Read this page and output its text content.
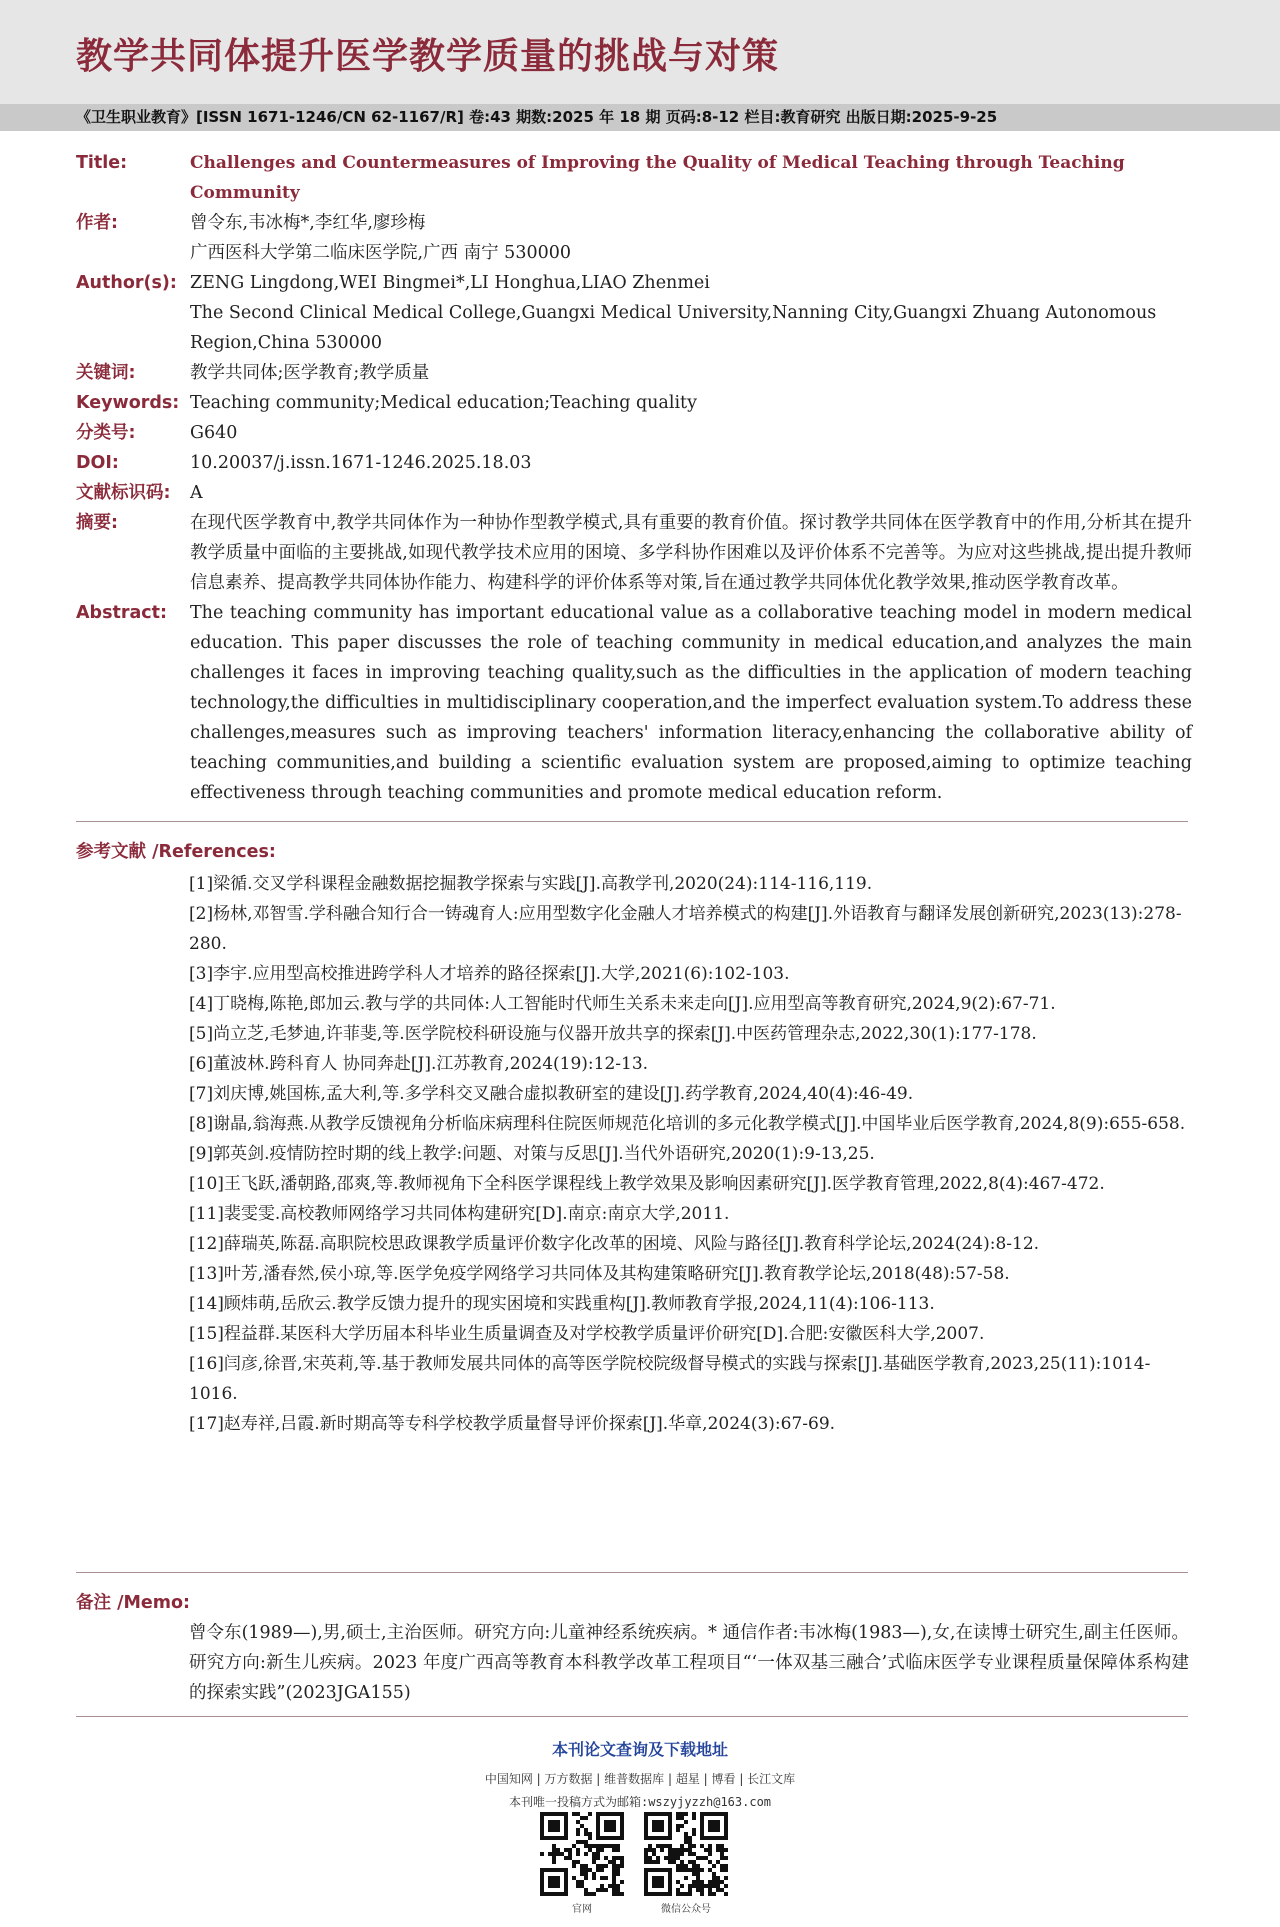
教学共同体提升医学教学质量的挑战与对策
《卫生职业教育》[ISSN 1671-1246/CN 62-1167/R] 卷:43 期数:2025 年 18 期 页码:8-12 栏目:教育研究 出版日期:2025-9-25
Title:	Challenges and Countermeasures of Improving the Quality of Medical Teaching through Teaching Community
作者:	曾令东,韦冰梅*,李红华,廖珍梅
广西医科大学第二临床医学院,广西 南宁 530000
Author(s): ZENG Lingdong,WEI Bingmei*,LI Honghua,LIAO Zhenmei
The Second Clinical Medical College,Guangxi Medical University,Nanning City,Guangxi Zhuang Autonomous Region,China 530000
关键词:	教学共同体;医学教育;教学质量
Keywords: Teaching community;Medical education;Teaching quality
分类号:	G640
DOI:	10.20037/j.issn.1671-1246.2025.18.03
文献标识码:	A
摘要:	在现代医学教育中,教学共同体作为一种协作型教学模式,具有重要的教育价值。探讨教学共同体在医学教育中的作用,分析其在提升教学质量中面临的主要挑战,如现代教学技术应用的困境、多学科协作困难以及评价体系不完善等。为应对这些挑战,提出提升教师信息素养、提高教学共同体协作能力、构建科学的评价体系等对策,旨在通过教学共同体优化教学效果,推动医学教育改革。
Abstract:	The teaching community has important educational value as a collaborative teaching model in modern medical education. This paper discusses the role of teaching community in medical education,and analyzes the main challenges it faces in improving teaching quality,such as the difficulties in the application of modern teaching technology,the difficulties in multidisciplinary cooperation,and the imperfect evaluation system.To address these challenges,measures such as improving teachers' information literacy,enhancing the collaborative ability of teaching communities,and building a scientific evaluation system are proposed,aiming to optimize teaching effectiveness through teaching communities and promote medical education reform.
参考文献 /References:
[1]梁循.交叉学科课程金融数据挖掘教学探索与实践[J].高教学刊,2020(24):114-116,119.
[2]杨林,邓智雪.学科融合知行合一铸魂育人:应用型数字化金融人才培养模式的构建[J].外语教育与翻译发展创新研究,2023(13):278-280.
[3]李宇.应用型高校推进跨学科人才培养的路径探索[J].大学,2021(6):102-103.
[4]丁晓梅,陈艳,郎加云.教与学的共同体:人工智能时代师生关系未来走向[J].应用型高等教育研究,2024,9(2):67-71.
[5]尚立芝,毛梦迪,许菲斐,等.医学院校科研设施与仪器开放共享的探索[J].中医药管理杂志,2022,30(1):177-178.
[6]董波林.跨科育人 协同奔赴[J].江苏教育,2024(19):12-13.
[7]刘庆博,姚国栋,孟大利,等.多学科交叉融合虚拟教研室的建设[J].药学教育,2024,40(4):46-49.
[8]谢晶,翁海燕.从教学反馈视角分析临床病理科住院医师规范化培训的多元化教学模式[J].中国毕业后医学教育,2024,8(9):655-658.
[9]郭英剑.疫情防控时期的线上教学:问题、对策与反思[J].当代外语研究,2020(1):9-13,25.
[10]王飞跃,潘朝路,邵爽,等.教师视角下全科医学课程线上教学效果及影响因素研究[J].医学教育管理,2022,8(4):467-472.
[11]裴雯雯.高校教师网络学习共同体构建研究[D].南京:南京大学,2011.
[12]薛瑞英,陈磊.高职院校思政课教学质量评价数字化改革的困境、风险与路径[J].教育科学论坛,2024(24):8-12.
[13]叶芳,潘春然,侯小琼,等.医学免疫学网络学习共同体及其构建策略研究[J].教育教学论坛,2018(48):57-58.
[14]顾炜萌,岳欣云.教学反馈力提升的现实困境和实践重构[J].教师教育学报,2024,11(4):106-113.
[15]程益群.某医科大学历届本科毕业生质量调查及对学校教学质量评价研究[D].合肥:安徽医科大学,2007.
[16]闫彦,徐晋,宋英莉,等.基于教师发展共同体的高等医学院校院级督导模式的实践与探索[J].基础医学教育,2023,25(11):1014-1016.
[17]赵寿祥,吕霞.新时期高等专科学校教学质量督导评价探索[J].华章,2024(3):67-69.
备注 /Memo:
曾令东(1989—),男,硕士,主治医师。研究方向:儿童神经系统疾病。* 通信作者:韦冰梅(1983—),女,在读博士研究生,副主任医师。研究方向:新生儿疾病。2023 年度广西高等教育本科教学改革工程项目“‘一体双基三融合’式临床医学专业课程质量保障体系构建的探索实践”(2023JGA155)
本刊论文查询及下载地址
中国知网 | 万方数据 | 维普数据库 | 超星 | 博看 | 长江文库
本刊唯一投稿方式为邮箱:wszyjyzzh@163.com
官网	微信公众号
